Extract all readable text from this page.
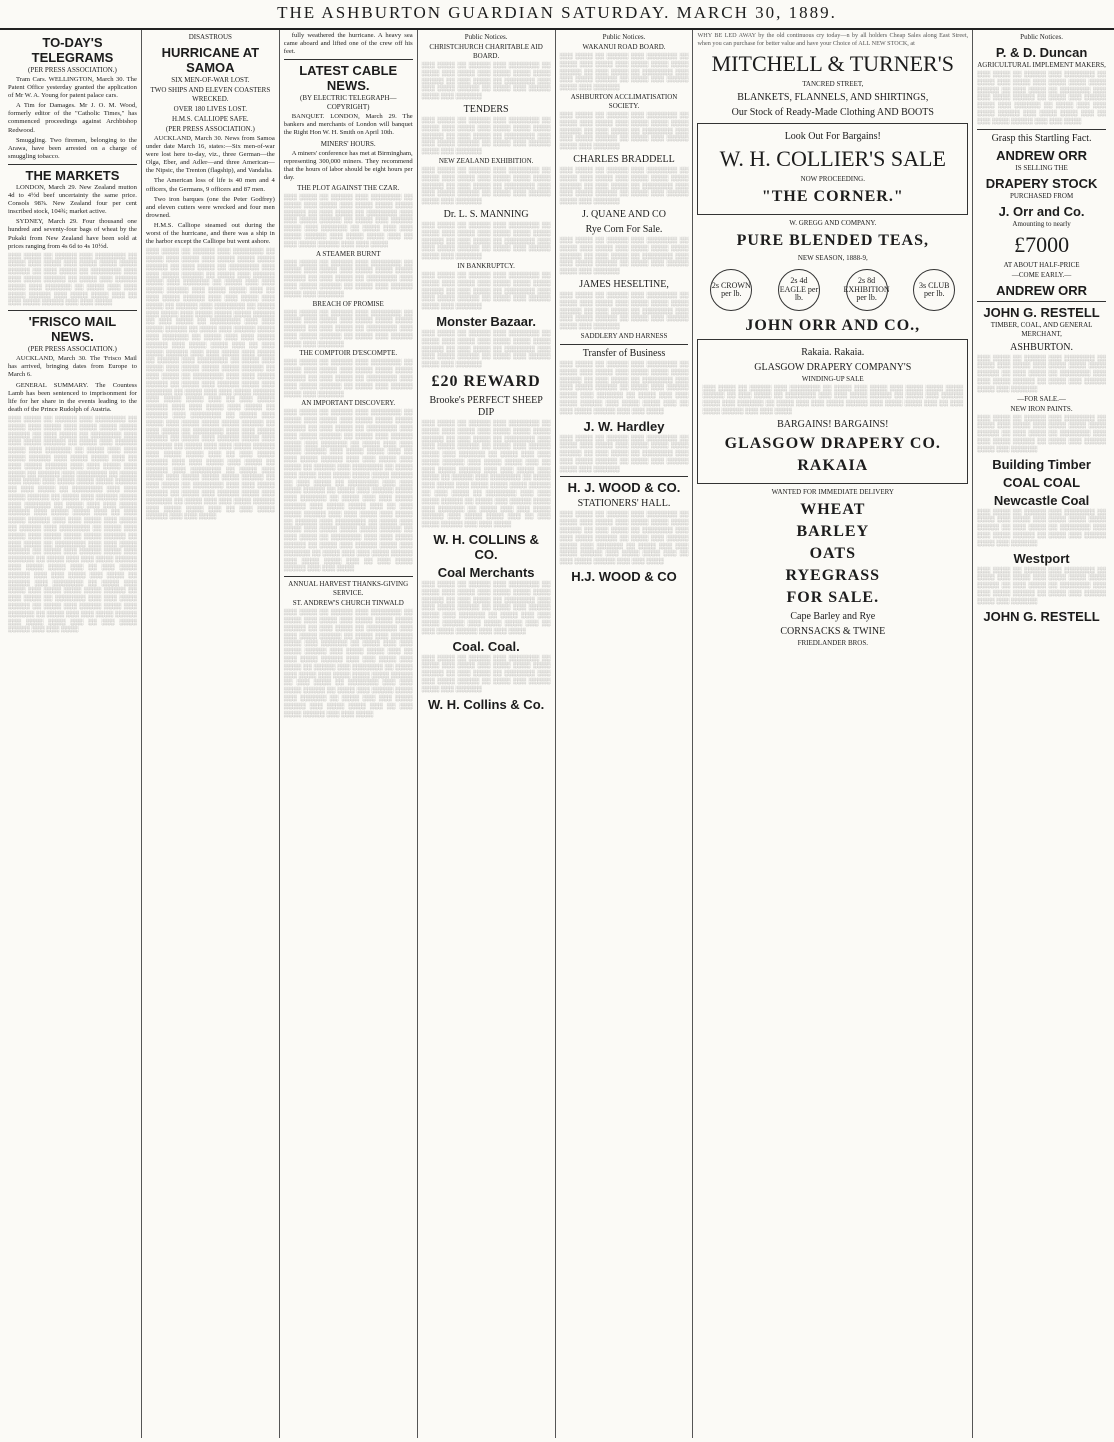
THE ASHBURTON GUARDIAN SATURDAY. MARCH 30, 1889.
TO-DAY'S TELEGRAMS
(PER PRESS ASSOCIATION.)

Tram Cars. WELLINGTON, March 30. The Patent Office yesterday granted the application of Mr W. A. Young for patent palace cars.

A Tim for Damages. Mr J. O. M. Wood, formerly editor of the "Catholic Times," has commenced proceedings against Archbishop Redwood.

Smuggling. Two firemen, belonging to the Arawa, have been arrested on a charge of smuggling tobacco.

THE MARKETS

LONDON, March 29. New Zealand mutton 4d to 4½d beef uncertainty the same price. Consols 98⅞. New Zealand four per cent inscribed stock, 104¾; market active.

SYDNEY, March 29. Four thousand one hundred and seventy-four bags of wheat by the Pukaki from New Zealand have been sold at prices ranging from 4s 6d to 4s 10½d.

░░░ ░░░░ ░░ ░░░░░ ░░░ ░░░░░░░ ░░ ░░░░ ░░░ ░░░░ ░░░ ░░░░ ░░░░ ░░░░ ░░░░░ ░░ ░░░ ░░░░ ░░ ░░░░░░░ ░░░ ░░░ ░░░░ ░░░░░ ░░ ░░░░ ░░░ ░░░░░ ░░░░ ░░░ ░░░░░░ ░░ ░░░░ ░░░ ░░░ ░░░░ ░░░░░ ░░░ ░░░░ ░░░░ ░░░ ░░ ░░░ ░░░░ ░░░░░ ░░░ ░░░ ░░░░
'FRISCO MAIL NEWS.
(PER PRESS ASSOCIATION.)

AUCKLAND, March 30. The 'Frisco Mail has arrived, bringing dates from Europe to March 6.

GENERAL SUMMARY. The Countess Lamb has been sentenced to imprisonment for life for her share in the events leading to the death of the Prince Rudolph of Austria.

░░░ ░░░░ ░░ ░░░░░ ░░░ ░░░░░░░ ░░ ░░░░ ░░░ ░░░░ ░░░ ░░░░ ░░░░ ░░░░ ░░░░░ ░░ ░░░ ░░░░ ░░ ░░░░░░░ ░░░ ░░░ ░░░░ ░░░░░ ░░ ░░░░ ░░░ ░░░░░ ░░░░ ░░░ ░░░░░░ ░░ ░░░░ ░░░ ░░░ ░░░░ ░░░░░ ░░░ ░░░░ ░░░░ ░░░ ░░ ░░░ ░░░░ ░░░░░ ░░░ ░░░ ░░░░ ░░░ ░░░░ ░░ ░░░░░ ░░░ ░░░░░░░ ░░ ░░░░ ░░░ ░░░░ ░░░ ░░░░ ░░░░ ░░░░ ░░░░░ ░░ ░░░ ░░░░ ░░ ░░░░░░░ ░░░ ░░░ ░░░░ ░░░░░ ░░ ░░░░ ░░░ ░░░░░ ░░░░ ░░░ ░░░░░░ ░░ ░░░░ ░░░ ░░░ ░░░░ ░░░░░ ░░░ ░░░░ ░░░░ ░░░ ░░ ░░░ ░░░░ ░░░░░ ░░░ ░░░ ░░░░ ░░░ ░░░░ ░░ ░░░░░ ░░░ ░░░░░░░ ░░ ░░░░ ░░░ ░░░░ ░░░ ░░░░ ░░░░ ░░░░ ░░░░░ ░░ ░░░ ░░░░ ░░ ░░░░░░░ ░░░ ░░░ ░░░░ ░░░░░ ░░ ░░░░ ░░░ ░░░░░ ░░░░ ░░░ ░░░░░░ ░░ ░░░░ ░░░ ░░░ ░░░░ ░░░░░ ░░░ ░░░░ ░░░░ ░░░ ░░ ░░░ ░░░░ ░░░░░ ░░░ ░░░ ░░░░ ░░░ ░░░░ ░░ ░░░░░ ░░░ ░░░░░░░ ░░ ░░░░ ░░░ ░░░░ ░░░ ░░░░ ░░░░ ░░░░ ░░░░░ ░░ ░░░ ░░░░ ░░ ░░░░░░░ ░░░ ░░░ ░░░░ ░░░░░ ░░ ░░░░ ░░░ ░░░░░ ░░░░ ░░░ ░░░░░░ ░░ ░░░░ ░░░ ░░░ ░░░░ ░░░░░ ░░░ ░░░░ ░░░░ ░░░ ░░ ░░░ ░░░░ ░░░░░ ░░░ ░░░ ░░░░
DISASTROUS
HURRICANE AT SAMOA
SIX MEN-OF-WAR LOST.
TWO SHIPS AND ELEVEN COASTERS WRECKED.
OVER 180 LIVES LOST.
H.M.S. CALLIOPE SAFE.
(PER PRESS ASSOCIATION.)

AUCKLAND, March 30. News from Samoa under date March 16, states:—Six men-of-war were lost here to-day, viz., three German—the Olga, Eber, and Adler—and three American—the Nipsic, the Trenton (flagship), and Vandalia.

The American loss of life is 40 men and 4 officers, the Germans, 9 officers and 87 men.

Two iron barques (one the Peter Godfrey) and eleven cutters were wrecked and four men drowned.

H.M.S. Calliope steamed out during the worst of the hurricane, and there was a ship in the harbor except the Calliope but went ashore.

░░░ ░░░░ ░░ ░░░░░ ░░░ ░░░░░░░ ░░ ░░░░ ░░░ ░░░░ ░░░ ░░░░ ░░░░ ░░░░ ░░░░░ ░░ ░░░ ░░░░ ░░ ░░░░░░░ ░░░ ░░░ ░░░░ ░░░░░ ░░ ░░░░ ░░░ ░░░░░ ░░░░ ░░░ ░░░░░░ ░░ ░░░░ ░░░ ░░░ ░░░░ ░░░░░ ░░░ ░░░░ ░░░░ ░░░ ░░ ░░░ ░░░░ ░░░░░ ░░░ ░░░ ░░░░ ░░░ ░░░░ ░░ ░░░░░ ░░░ ░░░░░░░ ░░ ░░░░ ░░░ ░░░░ ░░░ ░░░░ ░░░░ ░░░░ ░░░░░ ░░ ░░░ ░░░░ ░░ ░░░░░░░ ░░░ ░░░ ░░░░ ░░░░░ ░░ ░░░░ ░░░ ░░░░░ ░░░░ ░░░ ░░░░░░ ░░ ░░░░ ░░░ ░░░ ░░░░ ░░░░░ ░░░ ░░░░ ░░░░ ░░░ ░░ ░░░ ░░░░ ░░░░░ ░░░ ░░░ ░░░░ ░░░ ░░░░ ░░ ░░░░░ ░░░ ░░░░░░░ ░░ ░░░░ ░░░ ░░░░ ░░░ ░░░░ ░░░░ ░░░░ ░░░░░ ░░ ░░░ ░░░░ ░░ ░░░░░░░ ░░░ ░░░ ░░░░ ░░░░░ ░░ ░░░░ ░░░ ░░░░░ ░░░░ ░░░ ░░░░░░ ░░ ░░░░ ░░░ ░░░ ░░░░ ░░░░░ ░░░ ░░░░ ░░░░ ░░░ ░░ ░░░ ░░░░ ░░░░░ ░░░ ░░░ ░░░░ ░░░ ░░░░ ░░ ░░░░░ ░░░ ░░░░░░░ ░░ ░░░░ ░░░ ░░░░ ░░░ ░░░░ ░░░░ ░░░░ ░░░░░ ░░ ░░░ ░░░░ ░░ ░░░░░░░ ░░░ ░░░ ░░░░ ░░░░░ ░░ ░░░░ ░░░ ░░░░░ ░░░░ ░░░ ░░░░░░ ░░ ░░░░ ░░░ ░░░ ░░░░ ░░░░░ ░░░ ░░░░ ░░░░ ░░░ ░░ ░░░ ░░░░ ░░░░░ ░░░ ░░░ ░░░░ ░░░ ░░░░ ░░ ░░░░░ ░░░ ░░░░░░░ ░░ ░░░░ ░░░ ░░░░ ░░░ ░░░░ ░░░░ ░░░░ ░░░░░ ░░ ░░░ ░░░░ ░░ ░░░░░░░ ░░░ ░░░ ░░░░ ░░░░░ ░░ ░░░░ ░░░ ░░░░░ ░░░░ ░░░ ░░░░░░ ░░ ░░░░ ░░░ ░░░ ░░░░ ░░░░░ ░░░ ░░░░ ░░░░ ░░░ ░░ ░░░ ░░░░ ░░░░░ ░░░ ░░░ ░░░░

fully weathered the hurricane. A heavy sea came aboard and lifted one of the crew off his feet.

LATEST CABLE NEWS.
(BY ELECTRIC TELEGRAPH—COPYRIGHT)

BANQUET. LONDON, March 29. The bankers and merchants of London will banquet the Right Hon W. H. Smith on April 10th.

MINERS' HOURS.

A miners' conference has met at Birmingham, representing 300,000 miners. They recommend that the hours of labor should be eight hours per day.

THE PLOT AGAINST THE CZAR.
░░░ ░░░░ ░░ ░░░░░ ░░░ ░░░░░░░ ░░ ░░░░ ░░░ ░░░░ ░░░ ░░░░ ░░░░ ░░░░ ░░░░░ ░░ ░░░ ░░░░ ░░ ░░░░░░░ ░░░ ░░░ ░░░░ ░░░░░ ░░ ░░░░ ░░░ ░░░░░ ░░░░ ░░░ ░░░░░░ ░░ ░░░░ ░░░ ░░░ ░░░░ ░░░░░ ░░░ ░░░░ ░░░░ ░░░ ░░ ░░░ ░░░░ ░░░░░ ░░░ ░░░ ░░░░
A STEAMER BURNT
░░░ ░░░░ ░░ ░░░░░ ░░░ ░░░░░░░ ░░ ░░░░ ░░░ ░░░░ ░░░ ░░░░ ░░░░ ░░░░ ░░░░░ ░░ ░░░ ░░░░ ░░ ░░░░░░░ ░░░ ░░░ ░░░░ ░░░░░ ░░ ░░░░ ░░░ ░░░░░ ░░░░ ░░░ ░░░░░░
BREACH OF PROMISE
░░░ ░░░░ ░░ ░░░░░ ░░░ ░░░░░░░ ░░ ░░░░ ░░░ ░░░░ ░░░ ░░░░ ░░░░ ░░░░ ░░░░░ ░░ ░░░ ░░░░ ░░ ░░░░░░░ ░░░ ░░░ ░░░░ ░░░░░ ░░ ░░░░ ░░░ ░░░░░ ░░░░ ░░░ ░░░░░░
THE COMPTOIR D'ESCOMPTE.
░░░ ░░░░ ░░ ░░░░░ ░░░ ░░░░░░░ ░░ ░░░░ ░░░ ░░░░ ░░░ ░░░░ ░░░░ ░░░░ ░░░░░ ░░ ░░░ ░░░░ ░░ ░░░░░░░ ░░░ ░░░ ░░░░ ░░░░░ ░░ ░░░░ ░░░ ░░░░░ ░░░░ ░░░ ░░░░░░
AN IMPORTANT DISCOVERY.
░░░ ░░░░ ░░ ░░░░░ ░░░ ░░░░░░░ ░░ ░░░░ ░░░ ░░░░ ░░░ ░░░░ ░░░░ ░░░░ ░░░░░ ░░ ░░░ ░░░░ ░░ ░░░░░░░ ░░░ ░░░ ░░░░ ░░░░░ ░░ ░░░░ ░░░ ░░░░░ ░░░░ ░░░ ░░░░░░ ░░ ░░░░ ░░░ ░░░ ░░░░ ░░░░░ ░░░ ░░░░ ░░░░ ░░░ ░░ ░░░ ░░░░ ░░░░░ ░░░ ░░░ ░░░░ ░░░ ░░░░ ░░ ░░░░░ ░░░ ░░░░░░░ ░░ ░░░░ ░░░ ░░░░ ░░░ ░░░░ ░░░░ ░░░░ ░░░░░ ░░ ░░░ ░░░░ ░░ ░░░░░░░ ░░░ ░░░ ░░░░ ░░░░░ ░░ ░░░░ ░░░ ░░░░░ ░░░░ ░░░ ░░░░░░ ░░ ░░░░ ░░░ ░░░ ░░░░ ░░░░░ ░░░ ░░░░ ░░░░ ░░░ ░░ ░░░ ░░░░ ░░░░░ ░░░ ░░░ ░░░░ ░░░ ░░░░ ░░ ░░░░░ ░░░ ░░░░░░░ ░░ ░░░░ ░░░ ░░░░ ░░░ ░░░░ ░░░░ ░░░░ ░░░░░ ░░ ░░░ ░░░░ ░░ ░░░░░░░ ░░░ ░░░ ░░░░ ░░░░░ ░░ ░░░░ ░░░ ░░░░░ ░░░░ ░░░ ░░░░░░ ░░ ░░░░ ░░░ ░░░ ░░░░ ░░░░░ ░░░ ░░░░ ░░░░ ░░░ ░░ ░░░ ░░░░ ░░░░░ ░░░ ░░░ ░░░░
ANNUAL HARVEST THANKS-GIVING SERVICE.
ST. ANDREW'S CHURCH TINWALD
░░░ ░░░░ ░░ ░░░░░ ░░░ ░░░░░░░ ░░ ░░░░ ░░░ ░░░░ ░░░ ░░░░ ░░░░ ░░░░ ░░░░░ ░░ ░░░ ░░░░ ░░ ░░░░░░░ ░░░ ░░░ ░░░░ ░░░░░ ░░ ░░░░ ░░░ ░░░░░ ░░░░ ░░░ ░░░░░░ ░░ ░░░░ ░░░ ░░░ ░░░░ ░░░░░ ░░░ ░░░░ ░░░░ ░░░ ░░ ░░░ ░░░░ ░░░░░ ░░░ ░░░ ░░░░ ░░░ ░░░░ ░░ ░░░░░ ░░░ ░░░░░░░ ░░ ░░░░ ░░░ ░░░░ ░░░ ░░░░ ░░░░ ░░░░ ░░░░░ ░░ ░░░ ░░░░ ░░ ░░░░░░░ ░░░ ░░░ ░░░░ ░░░░░ ░░ ░░░░ ░░░ ░░░░░ ░░░░ ░░░ ░░░░░░ ░░ ░░░░ ░░░ ░░░ ░░░░ ░░░░░ ░░░ ░░░░ ░░░░ ░░░ ░░ ░░░ ░░░░ ░░░░░ ░░░ ░░░ ░░░░
Public Notices.
CHRISTCHURCH CHARITABLE AID BOARD.
░░░ ░░░░ ░░ ░░░░░ ░░░ ░░░░░░░ ░░ ░░░░ ░░░ ░░░░ ░░░ ░░░░ ░░░░ ░░░░ ░░░░░ ░░ ░░░ ░░░░ ░░ ░░░░░░░ ░░░ ░░░ ░░░░ ░░░░░ ░░ ░░░░ ░░░ ░░░░░ ░░░░ ░░░ ░░░░░░
TENDERS
░░░ ░░░░ ░░ ░░░░░ ░░░ ░░░░░░░ ░░ ░░░░ ░░░ ░░░░ ░░░ ░░░░ ░░░░ ░░░░ ░░░░░ ░░ ░░░ ░░░░ ░░ ░░░░░░░ ░░░ ░░░ ░░░░ ░░░░░ ░░ ░░░░ ░░░ ░░░░░ ░░░░ ░░░ ░░░░░░
NEW ZEALAND EXHIBITION.
░░░ ░░░░ ░░ ░░░░░ ░░░ ░░░░░░░ ░░ ░░░░ ░░░ ░░░░ ░░░ ░░░░ ░░░░ ░░░░ ░░░░░ ░░ ░░░ ░░░░ ░░ ░░░░░░░ ░░░ ░░░ ░░░░ ░░░░░ ░░ ░░░░ ░░░ ░░░░░ ░░░░ ░░░ ░░░░░░
Dr. L. S. MANNING
░░░ ░░░░ ░░ ░░░░░ ░░░ ░░░░░░░ ░░ ░░░░ ░░░ ░░░░ ░░░ ░░░░ ░░░░ ░░░░ ░░░░░ ░░ ░░░ ░░░░ ░░ ░░░░░░░ ░░░ ░░░ ░░░░ ░░░░░ ░░ ░░░░ ░░░ ░░░░░ ░░░░ ░░░ ░░░░░░
IN BANKRUPTCY.
░░░ ░░░░ ░░ ░░░░░ ░░░ ░░░░░░░ ░░ ░░░░ ░░░ ░░░░ ░░░ ░░░░ ░░░░ ░░░░ ░░░░░ ░░ ░░░ ░░░░ ░░ ░░░░░░░ ░░░ ░░░ ░░░░ ░░░░░ ░░ ░░░░ ░░░ ░░░░░ ░░░░ ░░░ ░░░░░░
Monster Bazaar.
░░░ ░░░░ ░░ ░░░░░ ░░░ ░░░░░░░ ░░ ░░░░ ░░░ ░░░░ ░░░ ░░░░ ░░░░ ░░░░ ░░░░░ ░░ ░░░ ░░░░ ░░ ░░░░░░░ ░░░ ░░░ ░░░░ ░░░░░ ░░ ░░░░ ░░░ ░░░░░ ░░░░ ░░░ ░░░░░░
£20 REWARD
Brooke's PERFECT SHEEP DIP
░░░ ░░░░ ░░ ░░░░░ ░░░ ░░░░░░░ ░░ ░░░░ ░░░ ░░░░ ░░░ ░░░░ ░░░░ ░░░░ ░░░░░ ░░ ░░░ ░░░░ ░░ ░░░░░░░ ░░░ ░░░ ░░░░ ░░░░░ ░░ ░░░░ ░░░ ░░░░░ ░░░░ ░░░ ░░░░░░ ░░ ░░░░ ░░░ ░░░ ░░░░ ░░░░░ ░░░ ░░░░ ░░░░ ░░░ ░░ ░░░ ░░░░ ░░░░░ ░░░ ░░░ ░░░░ ░░░ ░░░░ ░░ ░░░░░ ░░░ ░░░░░░░ ░░ ░░░░ ░░░ ░░░░ ░░░ ░░░░ ░░░░ ░░░░ ░░░░░ ░░ ░░░ ░░░░ ░░ ░░░░░░░ ░░░ ░░░ ░░░░ ░░░░░ ░░ ░░░░ ░░░ ░░░░░ ░░░░ ░░░ ░░░░░░ ░░ ░░░░ ░░░ ░░░ ░░░░ ░░░░░ ░░░ ░░░░ ░░░░ ░░░ ░░ ░░░ ░░░░ ░░░░░ ░░░ ░░░ ░░░░
W. H. COLLINS & CO.
Coal Merchants
░░░ ░░░░ ░░ ░░░░░ ░░░ ░░░░░░░ ░░ ░░░░ ░░░ ░░░░ ░░░ ░░░░ ░░░░ ░░░░ ░░░░░ ░░ ░░░ ░░░░ ░░ ░░░░░░░ ░░░ ░░░ ░░░░ ░░░░░ ░░ ░░░░ ░░░ ░░░░░ ░░░░ ░░░ ░░░░░░ ░░ ░░░░ ░░░ ░░░ ░░░░ ░░░░░ ░░░ ░░░░ ░░░░ ░░░ ░░ ░░░ ░░░░ ░░░░░ ░░░ ░░░ ░░░░
Coal. Coal.
░░░ ░░░░ ░░ ░░░░░ ░░░ ░░░░░░░ ░░ ░░░░ ░░░ ░░░░ ░░░ ░░░░ ░░░░ ░░░░ ░░░░░ ░░ ░░░ ░░░░ ░░ ░░░░░░░ ░░░ ░░░ ░░░░ ░░░░░ ░░ ░░░░ ░░░ ░░░░░ ░░░░ ░░░ ░░░░░░
W. H. Collins & Co.
Public Notices.
WAKANUI ROAD BOARD.
░░░ ░░░░ ░░ ░░░░░ ░░░ ░░░░░░░ ░░ ░░░░ ░░░ ░░░░ ░░░ ░░░░ ░░░░ ░░░░ ░░░░░ ░░ ░░░ ░░░░ ░░ ░░░░░░░ ░░░ ░░░ ░░░░ ░░░░░ ░░ ░░░░ ░░░ ░░░░░ ░░░░ ░░░ ░░░░░░
ASHBURTON ACCLIMATISATION SOCIETY.
░░░ ░░░░ ░░ ░░░░░ ░░░ ░░░░░░░ ░░ ░░░░ ░░░ ░░░░ ░░░ ░░░░ ░░░░ ░░░░ ░░░░░ ░░ ░░░ ░░░░ ░░ ░░░░░░░ ░░░ ░░░ ░░░░ ░░░░░ ░░ ░░░░ ░░░ ░░░░░ ░░░░ ░░░ ░░░░░░
CHARLES BRADDELL
░░░ ░░░░ ░░ ░░░░░ ░░░ ░░░░░░░ ░░ ░░░░ ░░░ ░░░░ ░░░ ░░░░ ░░░░ ░░░░ ░░░░░ ░░ ░░░ ░░░░ ░░ ░░░░░░░ ░░░ ░░░ ░░░░ ░░░░░ ░░ ░░░░ ░░░ ░░░░░ ░░░░ ░░░ ░░░░░░
J. QUANE AND CO
Rye Corn For Sale.
░░░ ░░░░ ░░ ░░░░░ ░░░ ░░░░░░░ ░░ ░░░░ ░░░ ░░░░ ░░░ ░░░░ ░░░░ ░░░░ ░░░░░ ░░ ░░░ ░░░░ ░░ ░░░░░░░ ░░░ ░░░ ░░░░ ░░░░░ ░░ ░░░░ ░░░ ░░░░░ ░░░░ ░░░ ░░░░░░
JAMES HESELTINE,
░░░ ░░░░ ░░ ░░░░░ ░░░ ░░░░░░░ ░░ ░░░░ ░░░ ░░░░ ░░░ ░░░░ ░░░░ ░░░░ ░░░░░ ░░ ░░░ ░░░░ ░░ ░░░░░░░ ░░░ ░░░ ░░░░ ░░░░░ ░░ ░░░░ ░░░ ░░░░░ ░░░░ ░░░ ░░░░░░
SADDLERY AND HARNESS
Transfer of Business
░░░ ░░░░ ░░ ░░░░░ ░░░ ░░░░░░░ ░░ ░░░░ ░░░ ░░░░ ░░░ ░░░░ ░░░░ ░░░░ ░░░░░ ░░ ░░░ ░░░░ ░░ ░░░░░░░ ░░░ ░░░ ░░░░ ░░░░░ ░░ ░░░░ ░░░ ░░░░░ ░░░░ ░░░ ░░░░░░ ░░ ░░░░ ░░░ ░░░ ░░░░ ░░░░░ ░░░ ░░░░ ░░░░ ░░░ ░░ ░░░ ░░░░ ░░░░░ ░░░ ░░░ ░░░░
J. W. Hardley
░░░ ░░░░ ░░ ░░░░░ ░░░ ░░░░░░░ ░░ ░░░░ ░░░ ░░░░ ░░░ ░░░░ ░░░░ ░░░░ ░░░░░ ░░ ░░░ ░░░░ ░░ ░░░░░░░ ░░░ ░░░ ░░░░ ░░░░░ ░░ ░░░░ ░░░ ░░░░░ ░░░░ ░░░ ░░░░░░
H. J. WOOD & CO.
STATIONERS' HALL.
░░░ ░░░░ ░░ ░░░░░ ░░░ ░░░░░░░ ░░ ░░░░ ░░░ ░░░░ ░░░ ░░░░ ░░░░ ░░░░ ░░░░░ ░░ ░░░ ░░░░ ░░ ░░░░░░░ ░░░ ░░░ ░░░░ ░░░░░ ░░ ░░░░ ░░░ ░░░░░ ░░░░ ░░░ ░░░░░░ ░░ ░░░░ ░░░ ░░░ ░░░░ ░░░░░ ░░░ ░░░░ ░░░░ ░░░ ░░ ░░░ ░░░░ ░░░░░ ░░░ ░░░ ░░░░
H.J. WOOD & CO
WHY BE LED AWAY by the old continuous cry today—n by all holders Cheap Sales along East Street, when you can purchase for better value and have your Choice of ALL NEW STOCK, at
MITCHELL & TURNER'S
TANCRED STREET,
BLANKETS, FLANNELS, AND SHIRTINGS,
Our Stock of Ready-Made Clothing AND BOOTS
Look Out For Bargains!
W. H. COLLIER'S SALE
NOW PROCEEDING.
"THE CORNER."
W. GREGG AND COMPANY.
PURE BLENDED TEAS,
NEW SEASON, 1888-9,
2s CROWN per lb.
2s 4d EAGLE per lb.
2s 8d EXHIBITION per lb.
3s CLUB per lb.
JOHN ORR AND CO.,
Rakaia. Rakaia.
GLASGOW DRAPERY COMPANY'S
WINDING-UP SALE
░░░ ░░░░ ░░ ░░░░░ ░░░ ░░░░░░░ ░░ ░░░░ ░░░ ░░░░ ░░░ ░░░░ ░░░░ ░░░░ ░░░░░ ░░ ░░░ ░░░░ ░░ ░░░░░░░ ░░░ ░░░ ░░░░ ░░░░░ ░░ ░░░░ ░░░ ░░░░░ ░░░░ ░░░ ░░░░░░ ░░ ░░░░ ░░░ ░░░ ░░░░ ░░░░░ ░░░ ░░░░ ░░░░ ░░░ ░░ ░░░ ░░░░ ░░░░░ ░░░ ░░░ ░░░░
BARGAINS! BARGAINS!
GLASGOW DRAPERY CO.
RAKAIA
WANTED FOR IMMEDIATE DELIVERY
WHEAT
BARLEY
OATS
RYEGRASS
FOR SALE.
Cape Barley and Rye
CORNSACKS & TWINE
FRIEDLANDER BROS.
Public Notices.
P. & D. Duncan
AGRICULTURAL IMPLEMENT MAKERS,
░░░ ░░░░ ░░ ░░░░░ ░░░ ░░░░░░░ ░░ ░░░░ ░░░ ░░░░ ░░░ ░░░░ ░░░░ ░░░░ ░░░░░ ░░ ░░░ ░░░░ ░░ ░░░░░░░ ░░░ ░░░ ░░░░ ░░░░░ ░░ ░░░░ ░░░ ░░░░░ ░░░░ ░░░ ░░░░░░ ░░ ░░░░ ░░░ ░░░ ░░░░ ░░░░░ ░░░ ░░░░ ░░░░ ░░░ ░░ ░░░ ░░░░ ░░░░░ ░░░ ░░░ ░░░░
Grasp this Startling Fact.
ANDREW ORR
IS SELLING THE
DRAPERY STOCK
PURCHASED FROM
J. Orr and Co.
Amounting to nearly
£7000
AT ABOUT HALF-PRICE
—COME EARLY.—
ANDREW ORR
JOHN G. RESTELL
TIMBER, COAL, AND GENERAL MERCHANT,
ASHBURTON.
░░░ ░░░░ ░░ ░░░░░ ░░░ ░░░░░░░ ░░ ░░░░ ░░░ ░░░░ ░░░ ░░░░ ░░░░ ░░░░ ░░░░░ ░░ ░░░ ░░░░ ░░ ░░░░░░░ ░░░ ░░░ ░░░░ ░░░░░ ░░ ░░░░ ░░░ ░░░░░ ░░░░ ░░░ ░░░░░░
—FOR SALE.—
NEW IRON PAINTS.
░░░ ░░░░ ░░ ░░░░░ ░░░ ░░░░░░░ ░░ ░░░░ ░░░ ░░░░ ░░░ ░░░░ ░░░░ ░░░░ ░░░░░ ░░ ░░░ ░░░░ ░░ ░░░░░░░ ░░░ ░░░ ░░░░ ░░░░░ ░░ ░░░░ ░░░ ░░░░░ ░░░░ ░░░ ░░░░░░
Building Timber
COAL COAL
Newcastle Coal
░░░ ░░░░ ░░ ░░░░░ ░░░ ░░░░░░░ ░░ ░░░░ ░░░ ░░░░ ░░░ ░░░░ ░░░░ ░░░░ ░░░░░ ░░ ░░░ ░░░░ ░░ ░░░░░░░ ░░░ ░░░ ░░░░ ░░░░░ ░░ ░░░░ ░░░ ░░░░░ ░░░░ ░░░ ░░░░░░
Westport
░░░ ░░░░ ░░ ░░░░░ ░░░ ░░░░░░░ ░░ ░░░░ ░░░ ░░░░ ░░░ ░░░░ ░░░░ ░░░░ ░░░░░ ░░ ░░░ ░░░░ ░░ ░░░░░░░ ░░░ ░░░ ░░░░ ░░░░░ ░░ ░░░░ ░░░ ░░░░░ ░░░░ ░░░ ░░░░░░
JOHN G. RESTELL
